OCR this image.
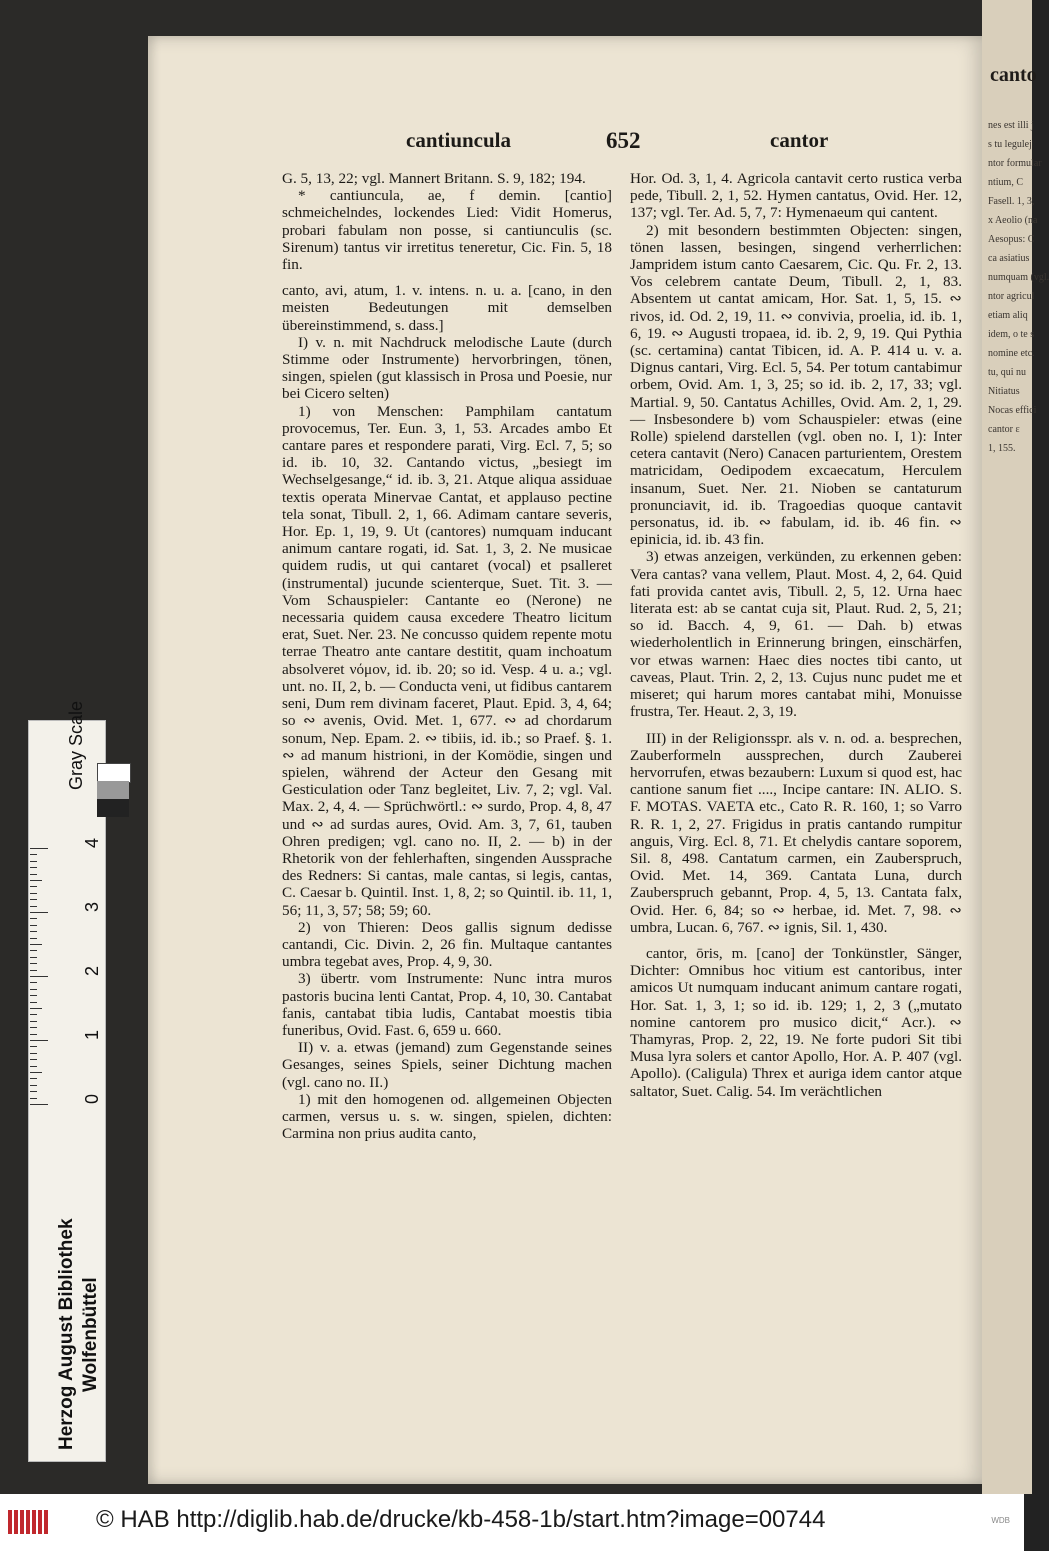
cantiuncula	652	cantor

G. 5, 13, 22; vgl. Mannert Britann. S. 9, 182; 194.

* cantiuncula, ae, f demin. [cantio] schmeichelndes, lockendes Lied: Vidit Homerus, probari fabulam non posse, si cantiunculis (sc. Sirenum) tantus vir irretitus teneretur, Cic. Fin. 5, 18 fin.

canto, avi, atum, 1. v. intens. n. u. a. [cano, in den meisten Bedeutungen mit demselben übereinstimmend, s. dass.]

I) v. n. mit Nachdruck melodische Laute (durch Stimme oder Instrumente) hervorbringen, tönen, singen, spielen (gut klassisch in Prosa und Poesie, nur bei Cicero selten)

1) von Menschen: Pamphilam cantatum provocemus, Ter. Eun. 3, 1, 53. Arcades ambo Et cantare pares et respondere parati, Virg. Ecl. 7, 5; so id. ib. 10, 32. Cantando victus, „besiegt im Wechselgesange,“ id. ib. 3, 21. Atque aliqua assiduae textis operata Minervae Cantat, et applauso pectine tela sonat, Tibull. 2, 1, 66. Adimam cantare severis, Hor. Ep. 1, 19, 9. Ut (cantores) numquam inducant animum cantare rogati, id. Sat. 1, 3, 2. Ne musicae quidem rudis, ut qui cantaret (vocal) et psalleret (instrumental) jucunde scienterque, Suet. Tit. 3. — Vom Schauspieler: Cantante eo (Nerone) ne necessaria quidem causa excedere Theatro licitum erat, Suet. Ner. 23. Ne concusso quidem repente motu terrae Theatro ante cantare destitit, quam inchoatum absolveret νόμον, id. ib. 20; so id. Vesp. 4 u. a.; vgl. unt. no. II, 2, b. — Conducta veni, ut fidibus cantarem seni, Dum rem divinam faceret, Plaut. Epid. 3, 4, 64; so ∾ avenis, Ovid. Met. 1, 677. ∾ ad chordarum sonum, Nep. Epam. 2. ∾ tibiis, id. ib.; so Praef. §. 1. ∾ ad manum histrioni, in der Komödie, singen und spielen, während der Acteur den Gesang mit Gesticulation oder Tanz begleitet, Liv. 7, 2; vgl. Val. Max. 2, 4, 4. — Sprüchwörtl.: ∾ surdo, Prop. 4, 8, 47 und ∾ ad surdas aures, Ovid. Am. 3, 7, 61, tauben Ohren predigen; vgl. cano no. II, 2. — b) in der Rhetorik von der fehlerhaften, singenden Aussprache des Redners: Si cantas, male cantas, si legis, cantas, C. Caesar b. Quintil. Inst. 1, 8, 2; so Quintil. ib. 11, 1, 56; 11, 3, 57; 58; 59; 60.

2) von Thieren: Deos gallis signum dedisse cantandi, Cic. Divin. 2, 26 fin. Multaque cantantes umbra tegebat aves, Prop. 4, 9, 30.

3) übertr. vom Instrumente: Nunc intra muros pastoris bucina lenti Cantat, Prop. 4, 10, 30. Cantabat fanis, cantabat tibia ludis, Cantabat moestis tibia funeribus, Ovid. Fast. 6, 659 u. 660.

II) v. a. etwas (jemand) zum Gegenstande seines Gesanges, seines Spiels, seiner Dichtung machen (vgl. cano no. II.)

1) mit den homogenen od. allgemeinen Objecten carmen, versus u. s. w. singen, spielen, dichten: Carmina non prius audita canto,

Hor. Od. 3, 1, 4. Agricola cantavit certo rustica verba pede, Tibull. 2, 1, 52. Hymen cantatus, Ovid. Her. 12, 137; vgl. Ter. Ad. 5, 7, 7: Hymenaeum qui cantent.

2) mit besondern bestimmten Objecten: singen, tönen lassen, besingen, singend verherrlichen: Jampridem istum canto Caesarem, Cic. Qu. Fr. 2, 13. Vos celebrem cantate Deum, Tibull. 2, 1, 83. Absentem ut cantat amicam, Hor. Sat. 1, 5, 15. ∾ rivos, id. Od. 2, 19, 11. ∾ convivia, proelia, id. ib. 1, 6, 19. ∾ Augusti tropaea, id. ib. 2, 9, 19. Qui Pythia (sc. certamina) cantat Tibicen, id. A. P. 414 u. v. a. Dignus cantari, Virg. Ecl. 5, 54. Per totum cantabimur orbem, Ovid. Am. 1, 3, 25; so id. ib. 2, 17, 33; vgl. Martial. 9, 50. Cantatus Achilles, Ovid. Am. 2, 1, 29. — Insbesondere b) vom Schauspieler: etwas (eine Rolle) spielend darstellen (vgl. oben no. I, 1): Inter cetera cantavit (Nero) Canacen parturientem, Orestem matricidam, Oedipodem excaecatum, Herculem insanum, Suet. Ner. 21. Nioben se cantaturum pronunciavit, id. ib. Tragoedias quoque cantavit personatus, id. ib. ∾ fabulam, id. ib. 46 fin. ∾ epinicia, id. ib. 43 fin.

3) etwas anzeigen, verkünden, zu erkennen geben: Vera cantas? vana vellem, Plaut. Most. 4, 2, 64. Quid fati provida cantet avis, Tibull. 2, 5, 12. Urna haec literata est: ab se cantat cuja sit, Plaut. Rud. 2, 5, 21; so id. Bacch. 4, 9, 61. — Dah. b) etwas wiederholentlich in Erinnerung bringen, einschärfen, vor etwas warnen: Haec dies noctes tibi canto, ut caveas, Plaut. Trin. 2, 2, 13. Cujus nunc pudet me et miseret; qui harum mores cantabat mihi, Monuisse frustra, Ter. Heaut. 2, 3, 19.

III) in der Religionsspr. als v. n. od. a. besprechen, Zauberformeln aussprechen, durch Zauberei hervorrufen, etwas bezaubern: Luxum si quod est, hac cantione sanum fiet ...., Incipe cantare: IN. ALIO. S. F. MOTAS. VAETA etc., Cato R. R. 160, 1; so Varro R. R. 1, 2, 27. Frigidus in pratis cantando rumpitur anguis, Virg. Ecl. 8, 71. Et chelydis cantare soporem, Sil. 8, 498. Cantatum carmen, ein Zauberspruch, Ovid. Met. 14, 369. Cantata Luna, durch Zauberspruch gebannt, Prop. 4, 5, 13. Cantata falx, Ovid. Her. 6, 84; so ∾ herbae, id. Met. 7, 98. ∾ umbra, Lucan. 6, 767. ∾ ignis, Sil. 1, 430.

cantor, ōris, m. [cano] der Tonkünstler, Sänger, Dichter: Omnibus hoc vitium est cantoribus, inter amicos Ut numquam inducant animum cantare rogati, Hor. Sat. 1, 3, 1; so id. ib. 129; 1, 2, 3 („mutato nomine cantorem pro musico dicit,“ Acr.). ∾ Thamyras, Prop. 2, 22, 19. Ne forte pudori Sit tibi Musa lyra solers et cantor Apollo, Hor. A. P. 407 (vgl. Apollo). (Caligula) Threx et auriga idem cantor atque saltator, Suet. Calig. 54. Im verächtlichen

canto
nes est illi j
s tu legulej
ntor formular
ntium, C
Fasell. 1, 3,
x Aeolio (na
Aesopus: C
ca asiatius
numquam (vgl.
ntor agricul
etiam aliq
idem, o te s
nomine etc.
tu, qui nu
Nitiatus
Nocas effici
cantor ε
1, 155.
Gray Scale
Herzog August Bibliothek Wolfenbüttel
0
1
2
3
4
© HAB http://diglib.hab.de/drucke/kb-458-1b/start.htm?image=00744	WDB
